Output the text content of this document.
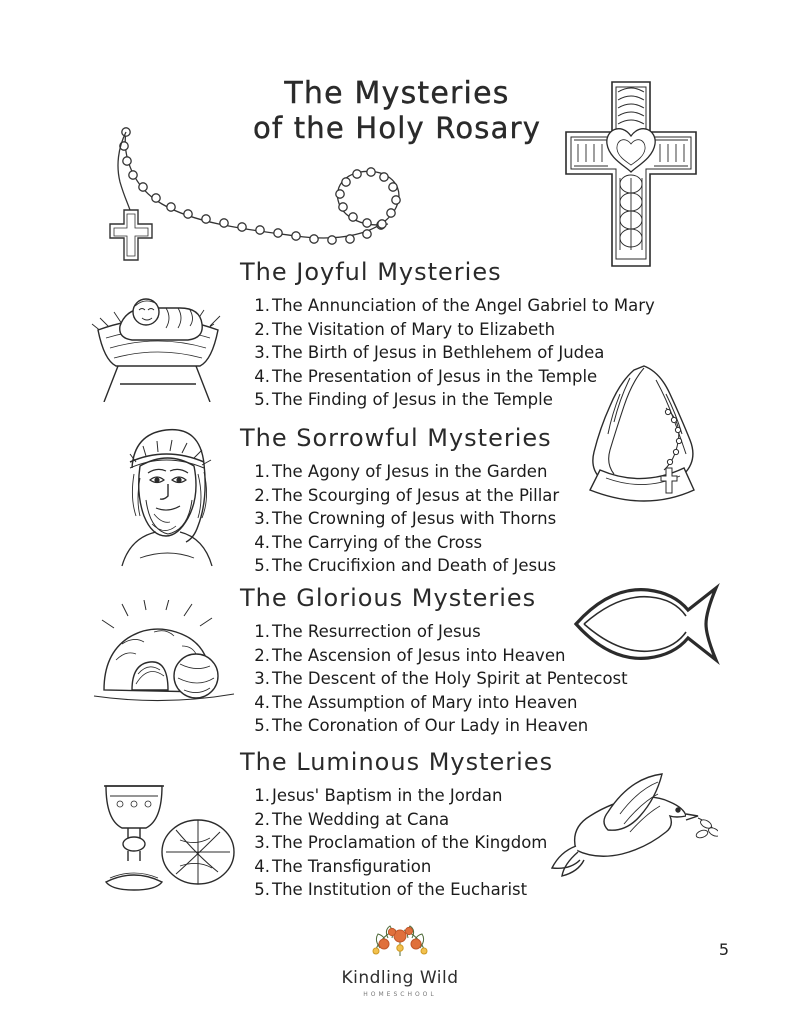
The Mysteries
of the Holy Rosary
The Joyful Mysteries
1. The Annunciation of the Angel Gabriel to Mary
2. The Visitation of Mary to Elizabeth
3. The Birth of Jesus in Bethlehem of Judea
4. The Presentation of Jesus in the Temple
5. The Finding of Jesus in the Temple
The Sorrowful Mysteries
1. The Agony of Jesus in the Garden
2. The Scourging of Jesus at the Pillar
3. The Crowning of Jesus with Thorns
4. The Carrying of the Cross
5. The Crucifixion and Death of Jesus
The Glorious Mysteries
1. The Resurrection of Jesus
2. The Ascension of Jesus into Heaven
3. The Descent of the Holy Spirit at Pentecost
4. The Assumption of Mary into Heaven
5. The Coronation of Our Lady in Heaven
The Luminous Mysteries
1. Jesus' Baptism in the Jordan
2. The Wedding at Cana
3. The Proclamation of the Kingdom
4. The Transfiguration
5. The Institution of the Eucharist
Kindling Wild
HOMESCHOOL
5
